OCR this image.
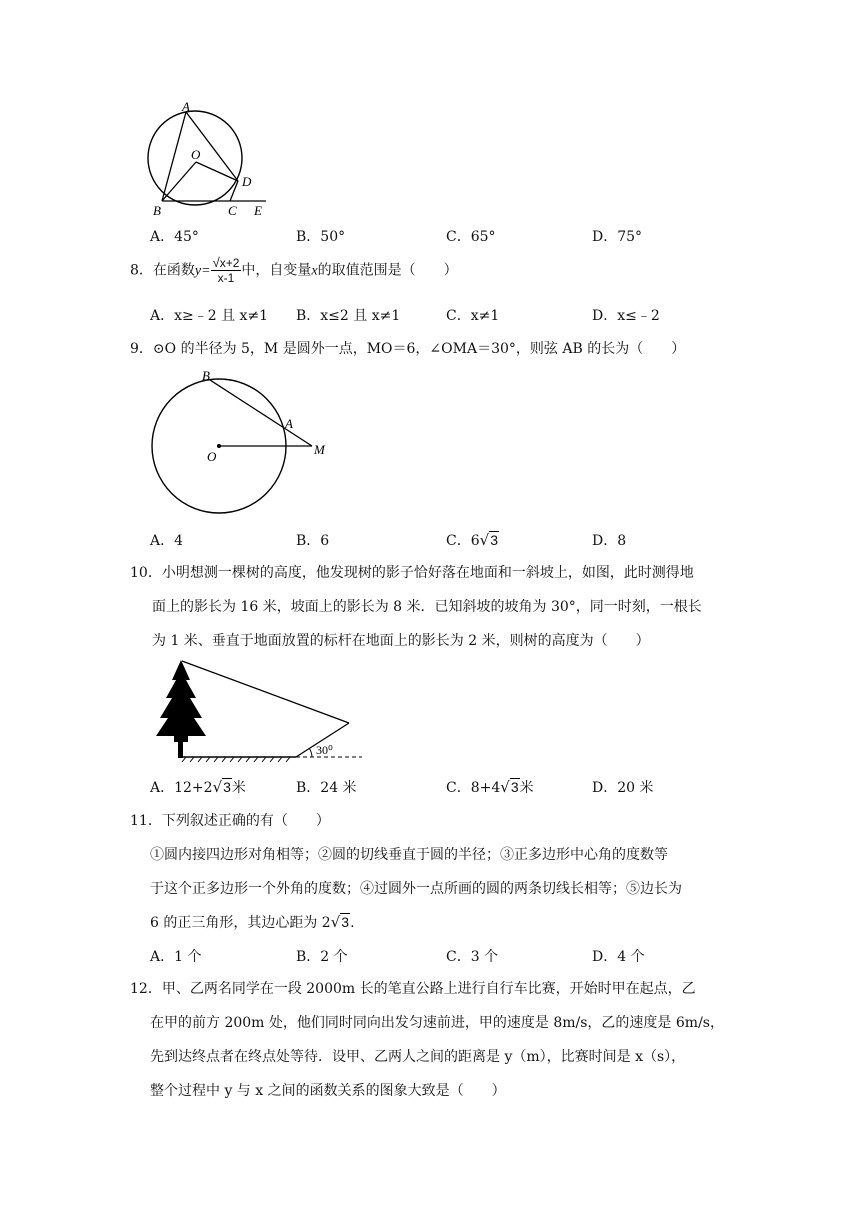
A
O
D
B	C E
A．45°	B．50°	C．65°	D．75°
8．在函数$y= \frac{√x+2}{x-1}$ 中，自变量x的取值范围是（　　）
A．x≥﹣2 且 x≠1 B．x≤2 且 x≠1	C．x≠1	D．x≤﹣2
9．⊙O 的半径为 5，M 是圆外一点，MO＝6，∠OMA＝30°，则弦 AB 的长为（　　）
B
A
O	M
A．4	B．6	C．6√3	D．8
10．小明想测一棵树的高度，他发现树的影子恰好落在地面和一斜坡上，如图，此时测得地
面上的影长为 16 米，坡面上的影长为 8 米．已知斜坡的坡角为 30°，同一时刻，一根长
为 1 米、垂直于地面放置的标杆在地面上的影长为 2 米，则树的高度为（　　）
30⁰
A．12+2√3米	B．24 米	C．8+4√3米	D．20 米
11．下列叙述正确的有（　　）
①圆内接四边形对角相等；②圆的切线垂直于圆的半径；③正多边形中心角的度数等
于这个正多边形一个外角的度数；④过圆外一点所画的圆的两条切线长相等；⑤边长为
6 的正三角形，其边心距为 2√3.
A．1 个	B．2 个	C．3 个	D．4 个
12．甲、乙两名同学在一段 2000m 长的笔直公路上进行自行车比赛，开始时甲在起点，乙
在甲的前方 200m 处，他们同时同向出发匀速前进，甲的速度是 8m/s，乙的速度是 6m/s，
先到达终点者在终点处等待．设甲、乙两人之间的距离是 y（m），比赛时间是 x（s），
整个过程中 y 与 x 之间的函数关系的图象大致是（　　）
